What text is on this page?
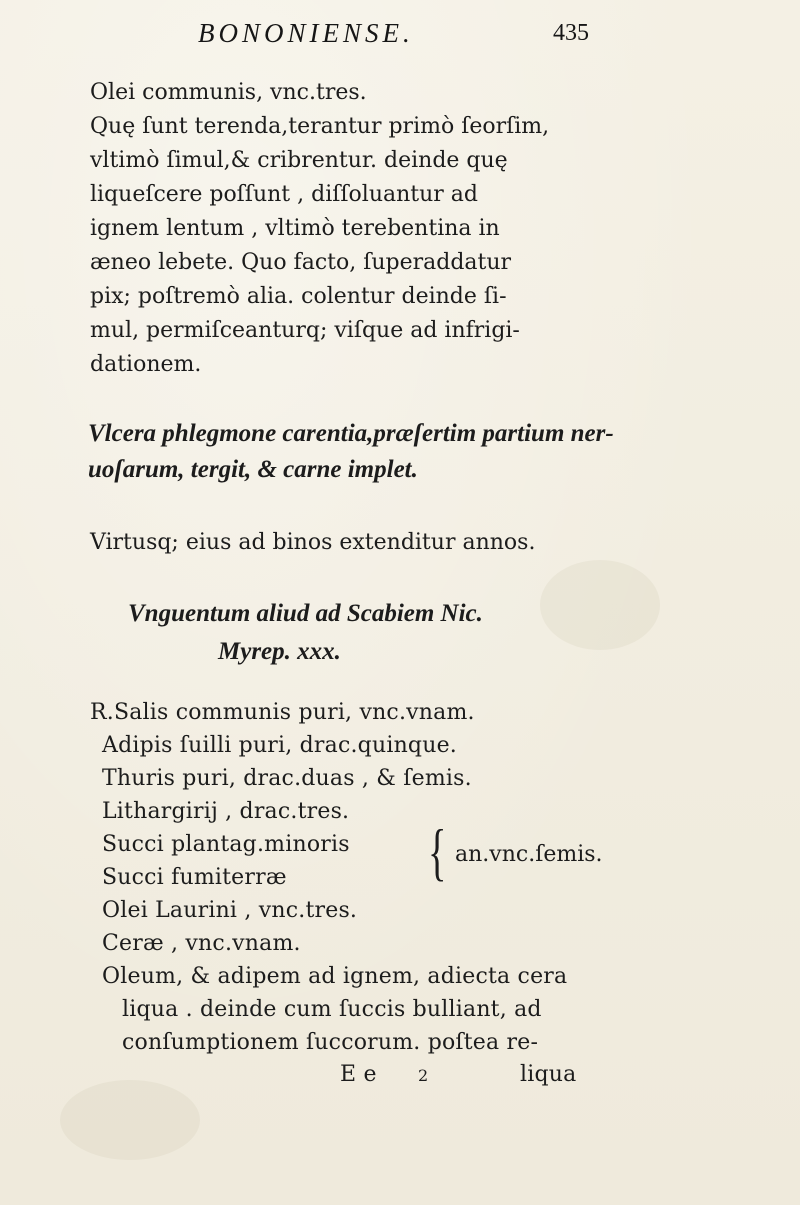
BONONIENSE.	435
Olei communis, vnc.tres.
Quę ſunt terenda,terantur primò ſeorſim,
vltimò ſimul,& cribrentur. deinde quę
liqueſcere poſſunt , diſſoluantur ad
ignem lentum , vltimò terebentina in
æneo lebete. Quo facto, ſuperaddatur
pix; poſtremò alia. colentur deinde ſi-
mul, permiſceanturq; viſque ad infrigi-
dationem.
Vlcera phlegmone carentia,præſertim partium ner-
uoſarum, tergit, & carne implet.
Virtusq; eius ad binos extenditur annos.
Vnguentum aliud ad Scabiem Nic.
Myrep. xxx.
R.Salis communis puri, vnc.vnam.
Adipis ſuilli puri, drac.quinque.
Thuris puri, drac.duas , & ſemis.
Lithargirij , drac.tres.
Succi plantag.minoris
Succi fumiterræ { an.vnc.ſemis.
Olei Laurini , vnc.tres.
Ceræ , vnc.vnam.
Oleum, & adipem ad ignem, adiecta cera
liqua . deinde cum ſuccis bulliant, ad
conſumptionem ſuccorum. poſtea re-
E e	2	liqua
